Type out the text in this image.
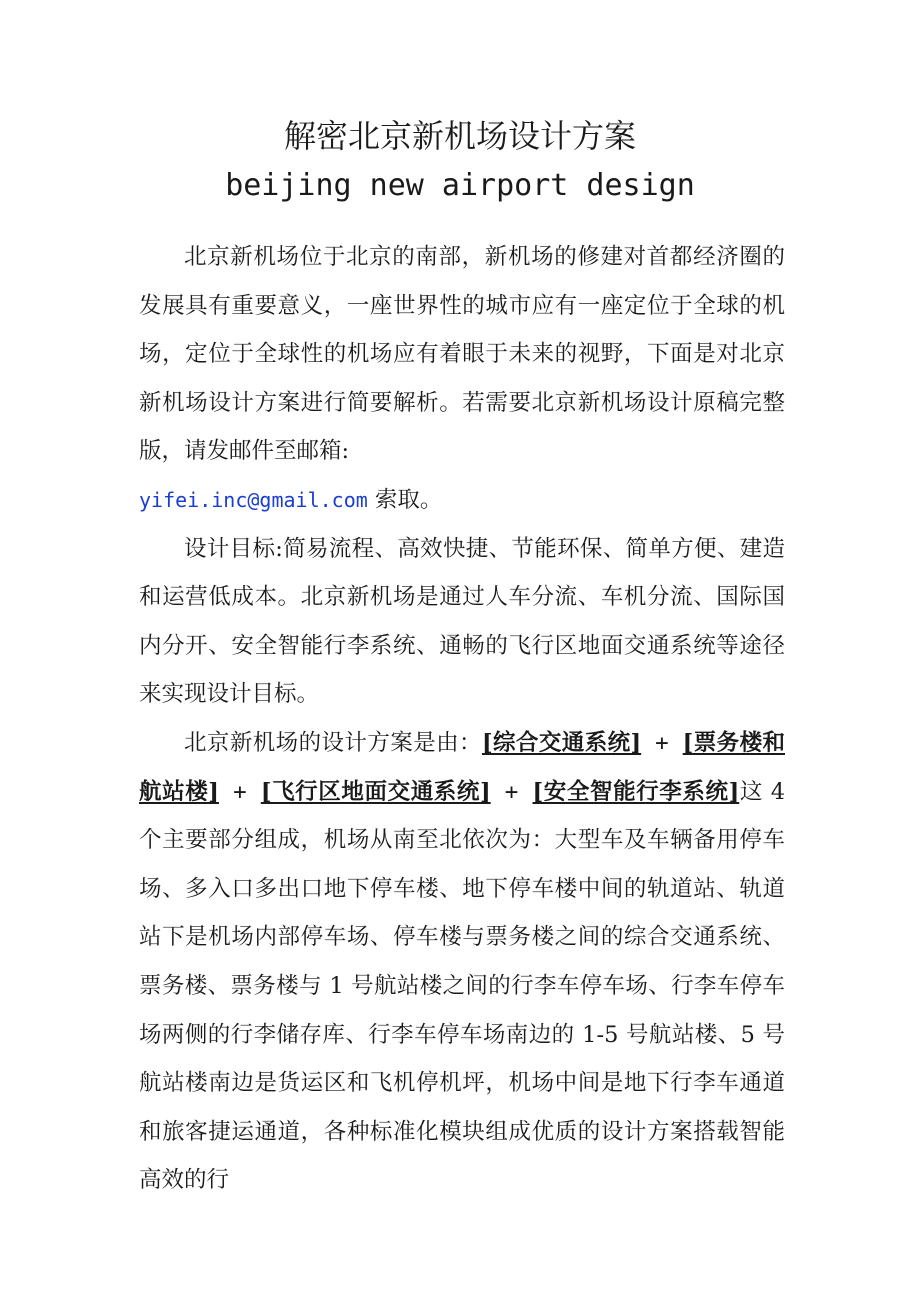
解密北京新机场设计方案
beijing new airport design

北京新机场位于北京的南部，新机场的修建对首都经济圈的发展具有重要意义，一座世界性的城市应有一座定位于全球的机场，定位于全球性的机场应有着眼于未来的视野，下面是对北京新机场设计方案进行简要解析。若需要北京新机场设计原稿完整版，请发邮件至邮箱:

yifei.inc@gmail.com 索取。

设计目标:简易流程、高效快捷、节能环保、简单方便、建造和运营低成本。北京新机场是通过人车分流、车机分流、国际国内分开、安全智能行李系统、通畅的飞行区地面交通系统等途径来实现设计目标。

北京新机场的设计方案是由：[综合交通系统] + [票务楼和航站楼] + [飞行区地面交通系统] + [安全智能行李系统]这 4 个主要部分组成，机场从南至北依次为：大型车及车辆备用停车场、多入口多出口地下停车楼、地下停车楼中间的轨道站、轨道站下是机场内部停车场、停车楼与票务楼之间的综合交通系统、票务楼、票务楼与 1 号航站楼之间的行李车停车场、行李车停车场两侧的行李储存库、行李车停车场南边的 1-5 号航站楼、5 号航站楼南边是货运区和飞机停机坪，机场中间是地下行李车通道和旅客捷运通道，各种标准化模块组成优质的设计方案搭载智能高效的行
